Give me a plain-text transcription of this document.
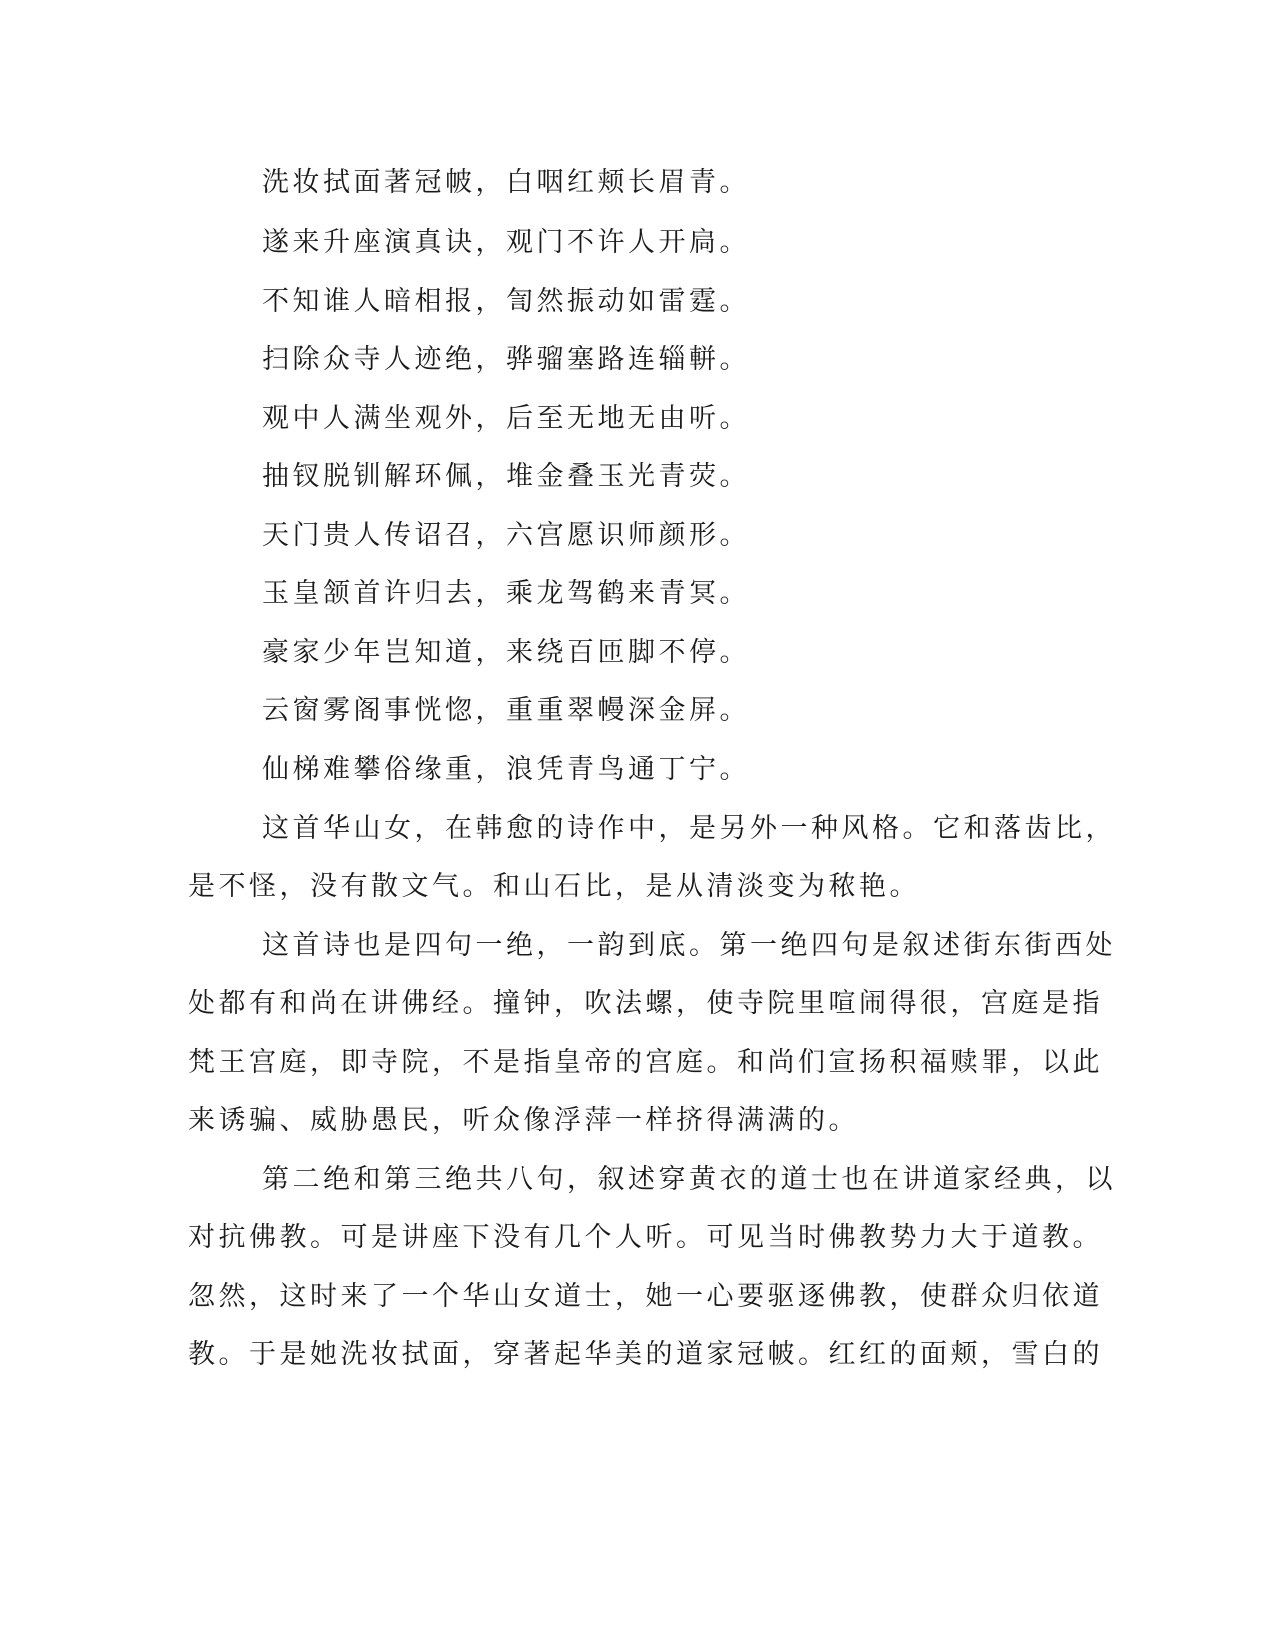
洗妆拭面著冠帔，白咽红颊长眉青。
遂来升座演真诀，观门不许人开扃。
不知谁人暗相报，訇然振动如雷霆。
扫除众寺人迹绝，骅骝塞路连辎軿。
观中人满坐观外，后至无地无由听。
抽钗脱钏解环佩，堆金叠玉光青荧。
天门贵人传诏召，六宫愿识师颜形。
玉皇颔首许归去，乘龙驾鹤来青冥。
豪家少年岂知道，来绕百匝脚不停。
云窗雾阁事恍惚，重重翠幔深金屏。
仙梯难攀俗缘重，浪凭青鸟通丁宁。
这首华山女，在韩愈的诗作中，是另外一种风格。它和落齿比，
是不怪，没有散文气。和山石比，是从清淡变为秾艳。
这首诗也是四句一绝，一韵到底。第一绝四句是叙述街东街西处
处都有和尚在讲佛经。撞钟，吹法螺，使寺院里喧闹得很，宫庭是指
梵王宫庭，即寺院，不是指皇帝的宫庭。和尚们宣扬积福赎罪，以此
来诱骗、威胁愚民，听众像浮萍一样挤得满满的。
第二绝和第三绝共八句，叙述穿黄衣的道士也在讲道家经典，以
对抗佛教。可是讲座下没有几个人听。可见当时佛教势力大于道教。
忽然，这时来了一个华山女道士，她一心要驱逐佛教，使群众归依道
教。于是她洗妆拭面，穿著起华美的道家冠帔。红红的面颊，雪白的
